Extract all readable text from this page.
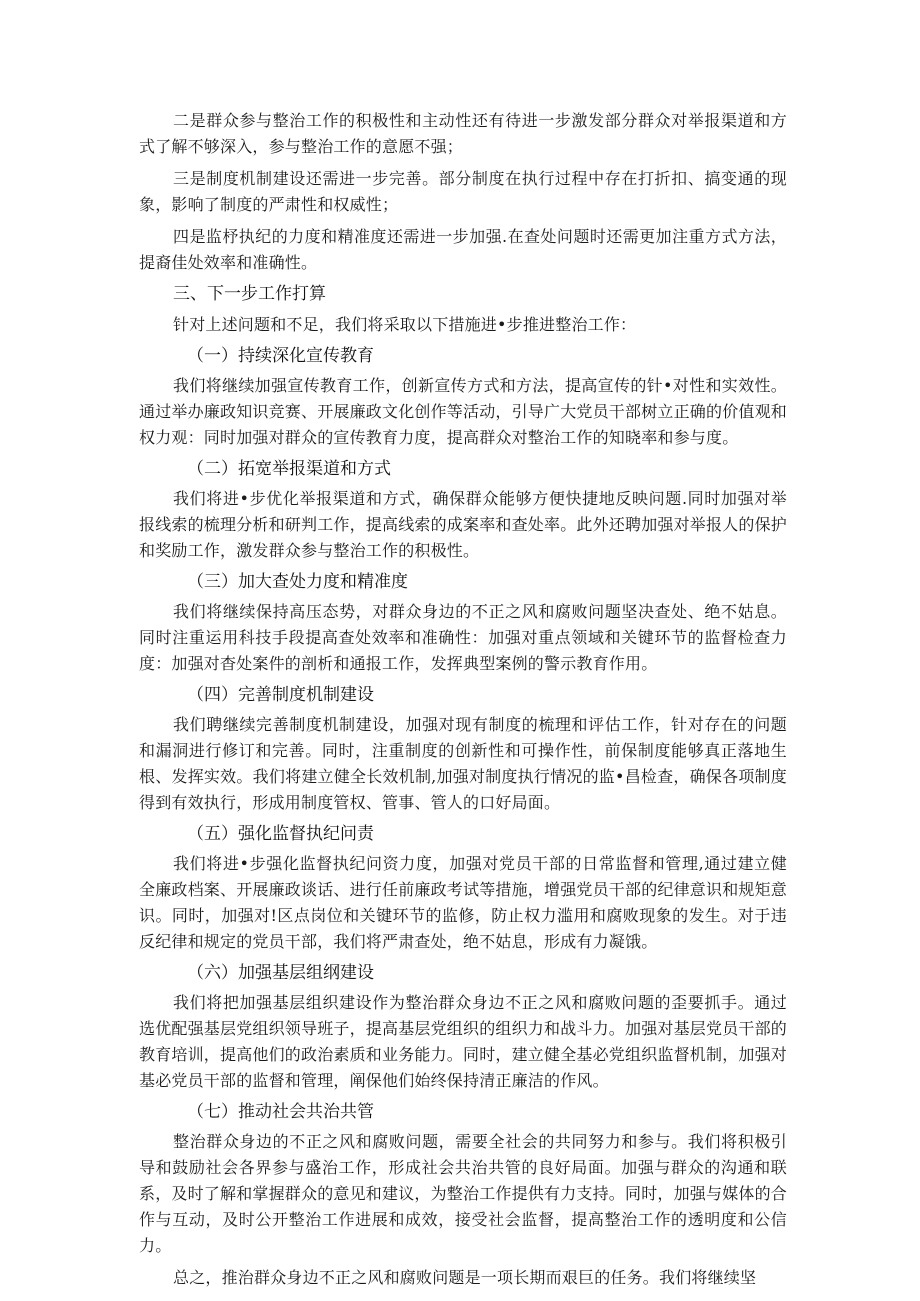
二是群众参与整治工作的积极性和主动性还有待进一步激发部分群众对举报渠道和方式了解不够深入，参与整治工作的意愿不强；

三是制度机制建设还需进一步完善。部分制度在执行过程中存在打折扣、搞变通的现象，影响了制度的严肃性和权威性；

四是监杼执纪的力度和精准度还需进一步加强.在查处问题时还需更加注重方式方法，提裔佳处效率和准确性。

三、下一步工作打算

针对上述问题和不足，我们将采取以下措施进•步推进整治工作：

（一）持续深化宣传教育

我们将继续加强宣传教育工作，创新宣传方式和方法，提高宣传的针•对性和实效性。通过举办廉政知识竞赛、开展廉政文化创作等活动，引导广大党员干部树立正确的价值观和权力观：同时加强对群众的宣传教育力度，提高群众对整治工作的知晓率和参与度。

（二）拓宽举报渠道和方式

我们将进•步优化举报渠道和方式，确保群众能够方便快捷地反映问题.同时加强对举报线索的梳理分析和研判工作，提高线索的成案率和查处率。此外还聘加强对举报人的保护和奖励工作，激发群众参与整治工作的积极性。

（三）加大查处力度和精准度

我们将继续保持高压态势，对群众身边的不正之风和腐败问题坚决查处、绝不姑息。同时注重运用科技手段提高查处效率和准确性：加强对重点领域和关键环节的监督检查力度：加强对杳处案件的剖析和通报工作，发挥典型案例的警示教育作用。

（四）完善制度机制建设

我们聘继续完善制度机制建设，加强对现有制度的梳理和评估工作，针对存在的问题和漏洞进行修订和完善。同时，注重制度的创新性和可操作性，前保制度能够真正落地生根、发挥实效。我们将建立健全长效机制,加强对制度执行情况的监•昌检查，确保各项制度得到有效执行，形成用制度管权、管事、管人的口好局面。

（五）强化监督执纪问责

我们将进•步强化监督执纪问资力度，加强对党员干部的日常监督和管理,通过建立健全廉政档案、开展廉政谈话、进行任前廉政考试等措施，增强党员干部的纪律意识和规矩意识。同时，加强对!区点岗位和关键环节的监修，防止权力滥用和腐败现象的发生。对于违反纪律和规定的党员干部，我们将严肃查处，绝不姑息，形成有力凝饿。

（六）加强基层组纲建设

我们将把加强基层组织建设作为整治群众身边不正之风和腐败问题的歪要抓手。通过选优配强基层党组织领导班子，提高基层党组织的组织力和战斗力。加强对基层党员干部的教育培训，提高他们的政治素质和业务能力。同时，建立健全基必党组织监督机制，加强对基必党员干部的监督和管理，阐保他们始终保持清正廉洁的作风。

（七）推动社会共治共管

整治群众身边的不正之风和腐败问题，需要全社会的共同努力和参与。我们将积极引导和鼓励社会各界参与盛治工作，形成社会共治共管的良好局面。加强与群众的沟通和联系，及时了解和掌握群众的意见和建议，为整治工作提供有力支持。同时，加强与媒体的合作与互动，及时公开整治工作进展和成效，接受社会监督，提高整治工作的透明度和公信力。

总之，推治群众身边不正之风和腐败问题是一项长期而艰巨的任务。我们将继续坚
